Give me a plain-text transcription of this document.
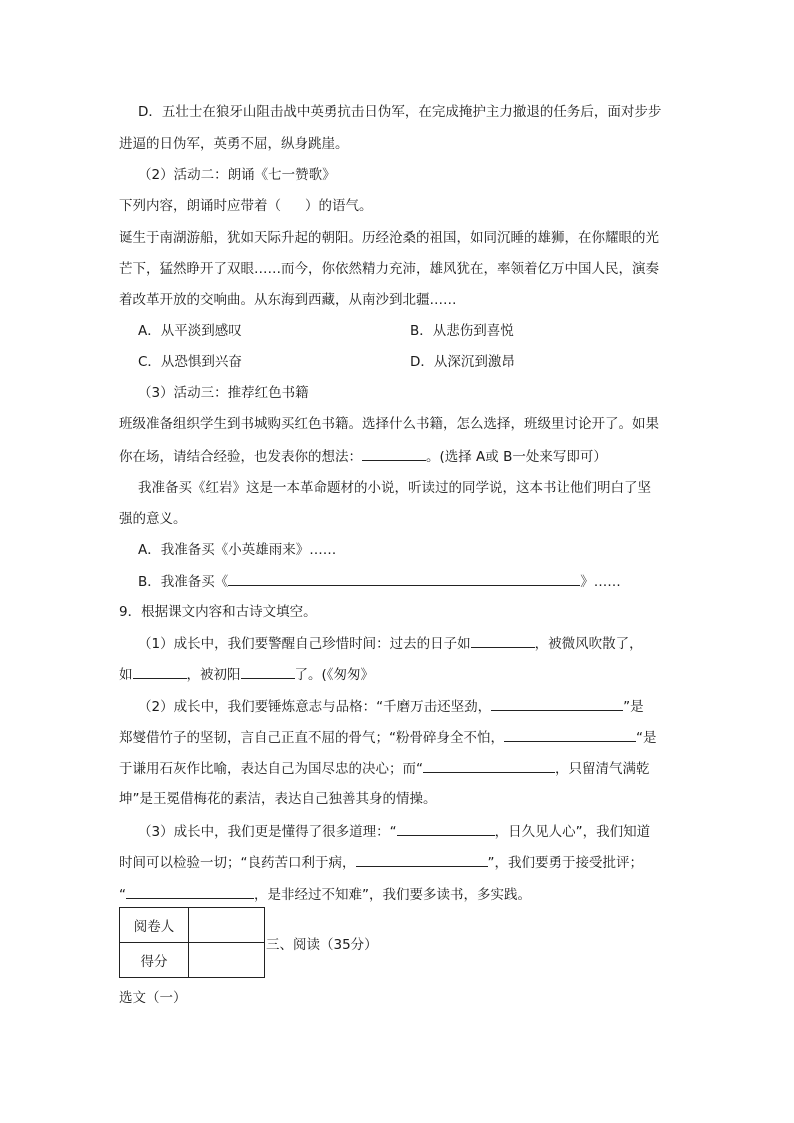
D．五壮士在狼牙山阻击战中英勇抗击日伪军，在完成掩护主力撤退的任务后，面对步步
进逼的日伪军，英勇不屈，纵身跳崖。
（2）活动二：朗诵《七一赞歌》
下列内容，朗诵时应带着（ ）的语气。
诞生于南湖游船，犹如天际升起的朝阳。历经沧桑的祖国，如同沉睡的雄狮，在你耀眼的光
芒下，猛然睁开了双眼……而今，你依然精力充沛，雄风犹在，率领着亿万中国人民，演奏
着改革开放的交响曲。从东海到西藏，从南沙到北疆……
A．从平淡到感叹	B．从悲伤到喜悦
C．从恐惧到兴奋	D．从深沉到激昂
（3）活动三：推荐红色书籍
班级准备组织学生到书城购买红色书籍。选择什么书籍，怎么选择，班级里讨论开了。如果
你在场，请结合经验，也发表你的想法：	。(选择 A或 B一处来写即可）
我准备买《红岩》这是一本革命题材的小说，听读过的同学说，这本书让他们明白了坚
强的意义。
A．我准备买《小英雄雨来》……
B．我准备买《	》……
9．根据课文内容和古诗文填空。
（1）成长中，我们要警醒自己珍惜时间：过去的日子如	，被微风吹散了，
如	，被初阳	了。(《匆匆》
（2）成长中，我们要锤炼意志与品格：“千磨万击还坚劲，	”是
郑燮借竹子的坚韧，言自己正直不屈的骨气；“粉骨碎身全不怕，	“是
于谦用石灰作比喻，表达自己为国尽忠的决心；而“	，只留清气满乾
坤”是王冕借梅花的素洁，表达自己独善其身的情操。
（3）成长中，我们更是懂得了很多道理：“	，日久见人心”，我们知道
时间可以检验一切；“良药苦口利于病，	”，我们要勇于接受批评；
“	，是非经过不知难”，我们要多读书，多实践。
阅卷人	
得分	
三、阅读（35分）
选文（一）
